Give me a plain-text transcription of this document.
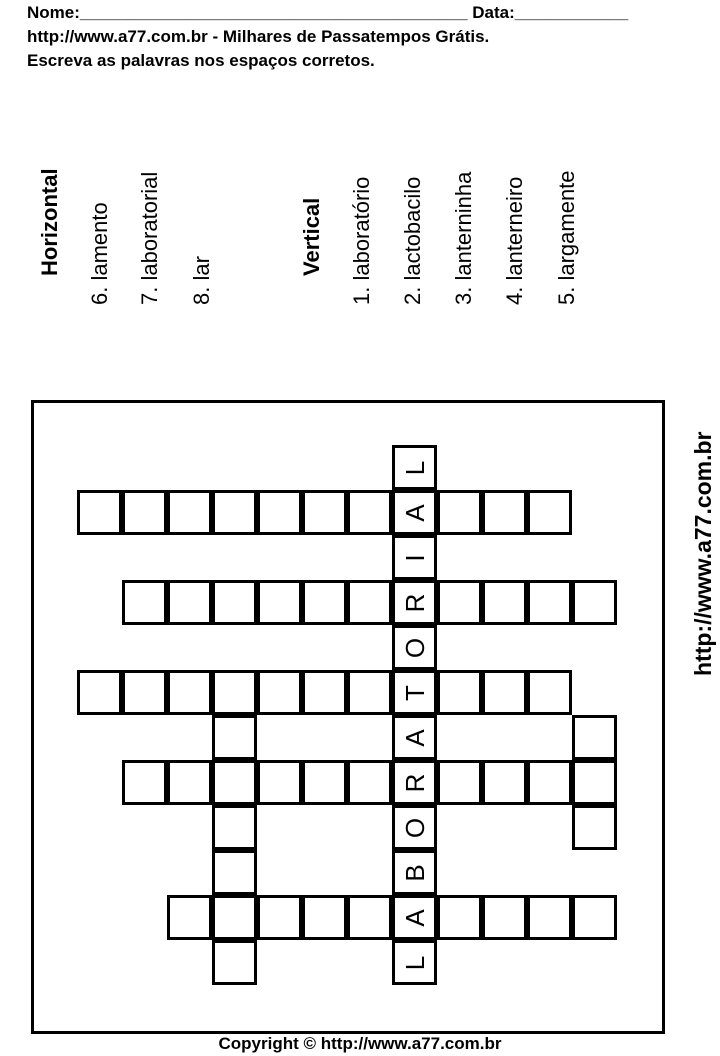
Nome:_________________________________________ Data:____________
http://www.a77.com.br - Milhares de Passatempos Grátis.
Escreva as palavras nos espaços corretos.
Horizontal 6. lamento 7. laboratorial 8. lar
Vertical 1. laboratório 2. lactobacilo 3. lanterninha 4. lanterneiro 5. largamente
http://www.a77.com.br
L
A
I
R
O
T
A
R
O
B
A
L
Copyright © http://www.a77.com.br
